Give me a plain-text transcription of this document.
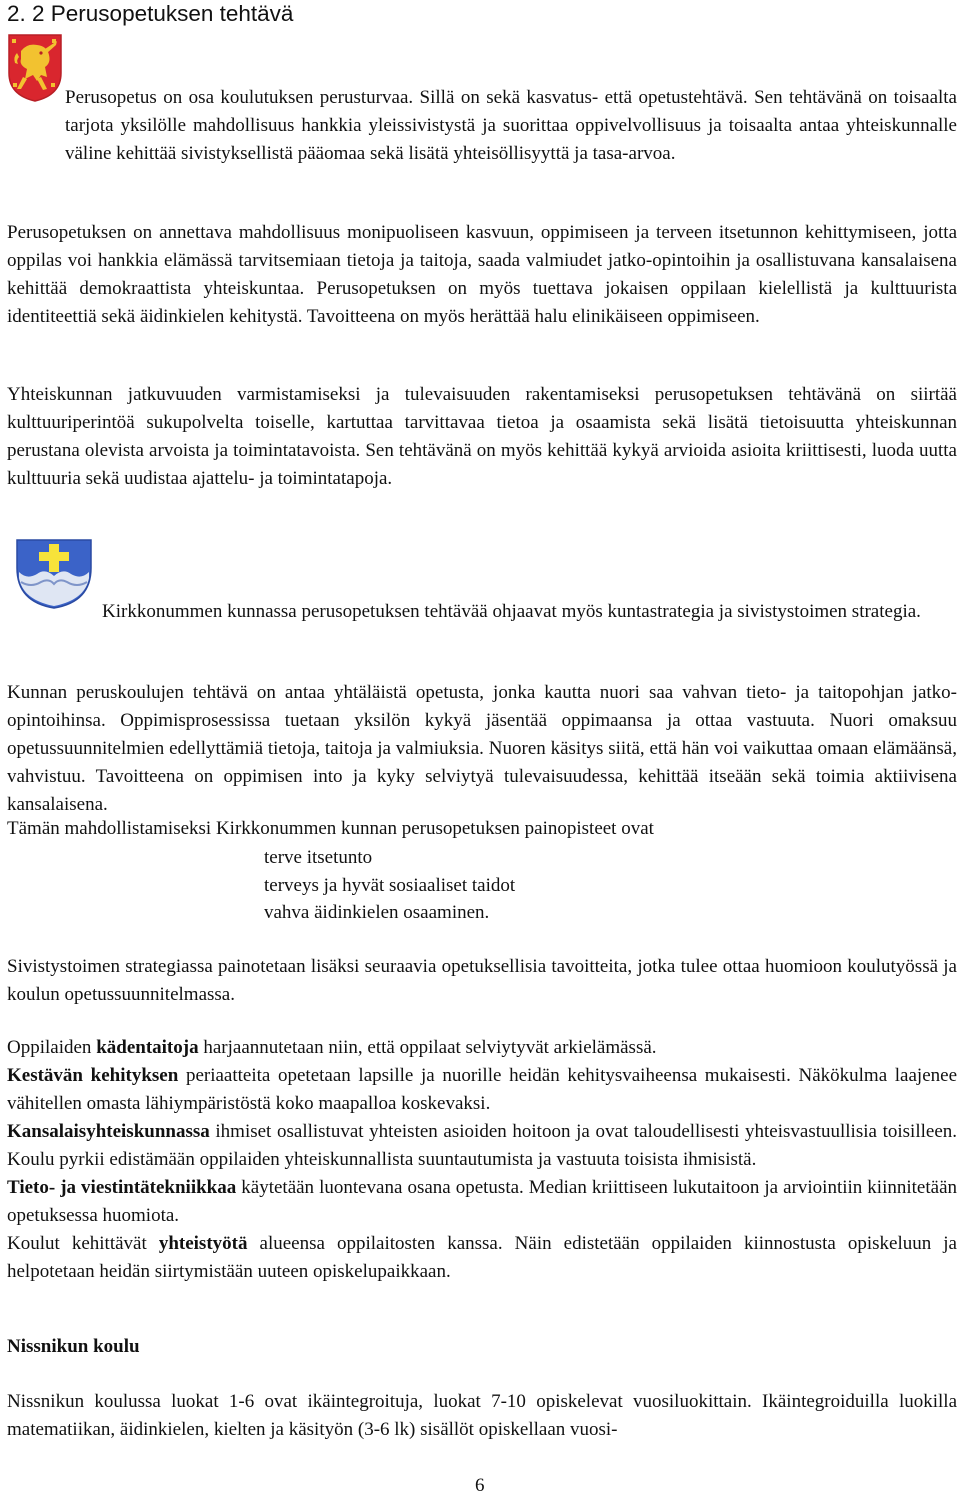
2. 2 Perusopetuksen tehtävä

Perusopetus on osa koulutuksen perusturvaa. Sillä on sekä kasvatus- että opetustehtävä. Sen tehtävänä on toisaalta tarjota yksilölle mahdollisuus hankkia yleissivistystä ja suorittaa oppivelvollisuus ja toisaalta antaa yhteiskunnalle väline kehittää sivistyksellistä pääomaa sekä lisätä yhteisöllisyyttä ja tasa-arvoa.

Perusopetuksen on annettava mahdollisuus monipuoliseen kasvuun, oppimiseen ja terveen itsetunnon kehittymiseen, jotta oppilas voi hankkia elämässä tarvitsemiaan tietoja ja taitoja, saada valmiudet jatko-opintoihin ja osallistuvana kansalaisena kehittää demokraattista yhteiskuntaa. Perusopetuksen on myös tuettava jokaisen oppilaan kielellistä ja kulttuurista identiteettiä sekä äidinkielen kehitystä. Tavoitteena on myös herättää halu elinikäiseen oppimiseen.

Yhteiskunnan jatkuvuuden varmistamiseksi ja tulevaisuuden rakentamiseksi perusopetuksen tehtävänä on siirtää kulttuuriperintöä sukupolvelta toiselle, kartuttaa tarvittavaa tietoa ja osaamista sekä lisätä tietoisuutta yhteiskunnan perustana olevista arvoista ja toimintatavoista. Sen tehtävänä on myös kehittää kykyä arvioida asioita kriittisesti, luoda uutta kulttuuria sekä uudistaa ajattelu- ja toimintatapoja.

Kirkkonummen kunnassa perusopetuksen tehtävää ohjaavat myös kuntastrategia ja sivistystoimen strategia.

Kunnan peruskoulujen tehtävä on antaa yhtäläistä opetusta, jonka kautta nuori saa vahvan tieto- ja taitopohjan jatko-opintoihinsa. Oppimisprosessissa tuetaan yksilön kykyä jäsentää oppimaansa ja ottaa vastuuta. Nuori omaksuu opetussuunnitelmien edellyttämiä tietoja, taitoja ja valmiuksia. Nuoren käsitys siitä, että hän voi vaikuttaa omaan elämäänsä, vahvistuu. Tavoitteena on oppimisen into ja kyky selviytyä tulevaisuudessa, kehittää itseään sekä toimia aktiivisena kansalaisena.

Tämän mahdollistamiseksi Kirkkonummen kunnan perusopetuksen painopisteet ovat

terve itsetunto
terveys ja hyvät sosiaaliset taidot
vahva äidinkielen osaaminen.

Sivistystoimen strategiassa painotetaan lisäksi seuraavia opetuksellisia tavoitteita, jotka tulee ottaa huomioon koulutyössä ja koulun opetussuunnitelmassa.

Oppilaiden kädentaitoja harjaannutetaan niin, että oppilaat selviytyvät arkielämässä.
Kestävän kehityksen periaatteita opetetaan lapsille ja nuorille heidän kehitysvaiheensa mukaisesti. Näkökulma laajenee vähitellen omasta lähiympäristöstä koko maapalloa koskevaksi.
Kansalaisyhteiskunnassa ihmiset osallistuvat yhteisten asioiden hoitoon ja ovat taloudellisesti yhteisvastuullisia toisilleen. Koulu pyrkii edistämään oppilaiden yhteiskunnallista suuntautumista ja vastuuta toisista ihmisistä.
Tieto- ja viestintätekniikkaa käytetään luontevana osana opetusta. Median kriittiseen lukutaitoon ja arviointiin kiinnitetään opetuksessa huomiota.
Koulut kehittävät yhteistyötä alueensa oppilaitosten kanssa. Näin edistetään oppilaiden kiinnostusta opiskeluun ja helpotetaan heidän siirtymistään uuteen opiskelupaikkaan.

Nissnikun koulu

Nissnikun koulussa luokat 1-6 ovat ikäintegroituja, luokat 7-10 opiskelevat vuosiluokittain. Ikäintegroiduilla luokilla matematiikan, äidinkielen, kielten ja käsityön (3-6 lk) sisällöt opiskellaan vuosi-

6
